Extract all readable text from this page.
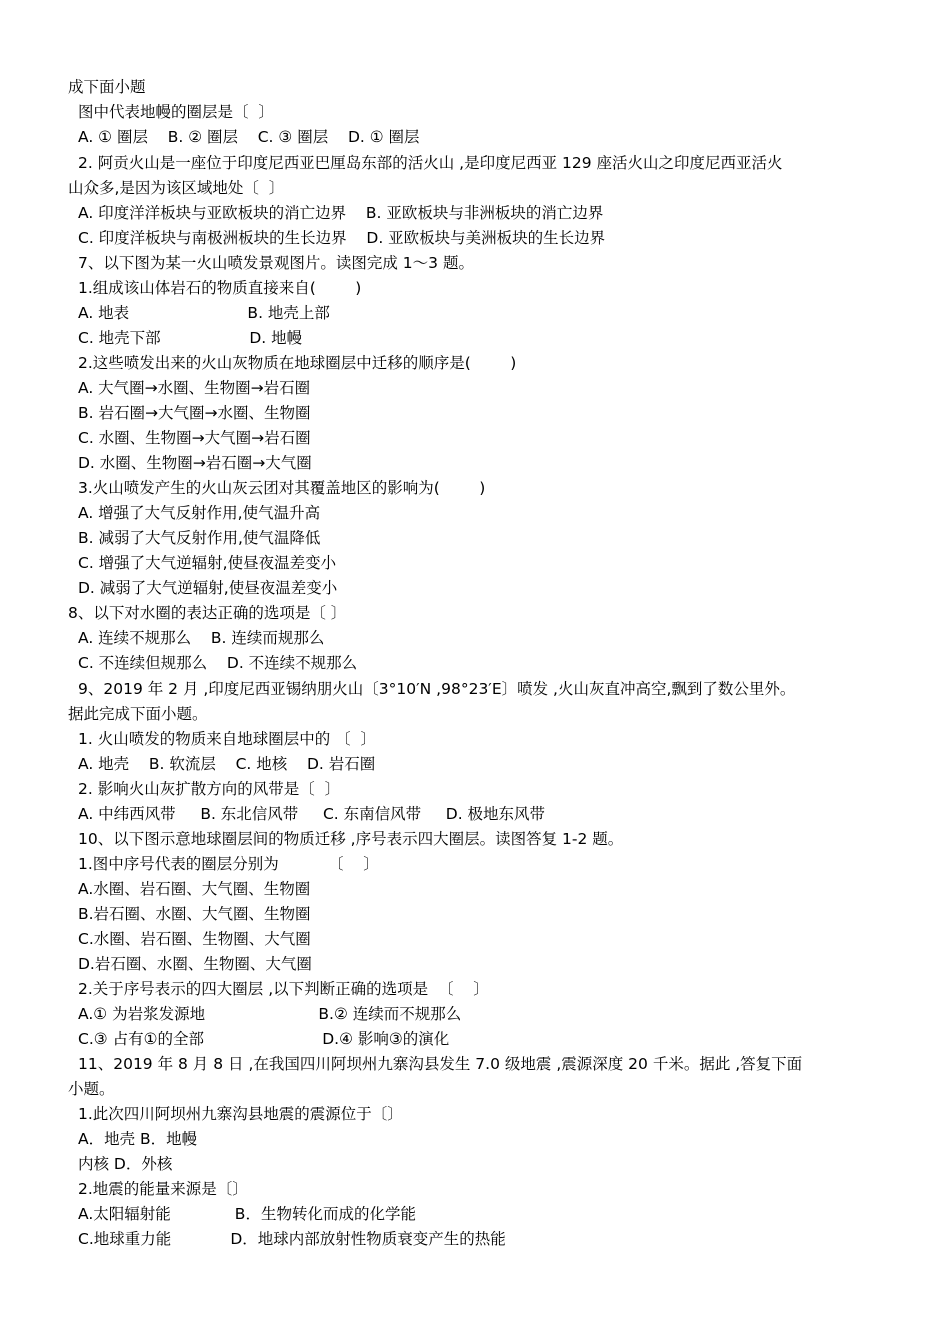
成下面小题
图中代表地幔的圈层是〔  〕
A. ① 圈层    B. ② 圈层    C. ③ 圈层    D. ① 圈层
2. 阿贡火山是一座位于印度尼西亚巴厘岛东部的活火山 ,是印度尼西亚 129 座活火山之印度尼西亚活火
山众多,是因为该区域地处〔  〕
A. 印度洋洋板块与亚欧板块的消亡边界    B. 亚欧板块与非洲板块的消亡边界
C. 印度洋板块与南极洲板块的生长边界    D. 亚欧板块与美洲板块的生长边界
7、以下图为某一火山喷发景观图片。读图完成 1～3 题。
1.组成该山体岩石的物质直接来自(        )
A. 地表                        B. 地壳上部
C. 地壳下部                  D. 地幔
2.这些喷发出来的火山灰物质在地球圈层中迁移的顺序是(        )
A. 大气圈→水圈、生物圈→岩石圈
B. 岩石圈→大气圈→水圈、生物圈
C. 水圈、生物圈→大气圈→岩石圈
D. 水圈、生物圈→岩石圈→大气圈
3.火山喷发产生的火山灰云团对其覆盖地区的影响为(        )
A. 增强了大气反射作用,使气温升高
B. 减弱了大气反射作用,使气温降低
C. 增强了大气逆辐射,使昼夜温差变小
D. 减弱了大气逆辐射,使昼夜温差变小
8、以下对水圈的表达正确的选项是〔 〕
A. 连续不规那么    B. 连续而规那么
C. 不连续但规那么    D. 不连续不规那么
9、2019 年 2 月 ,印度尼西亚锡纳朋火山〔3°10′N ,98°23′E〕喷发 ,火山灰直冲高空,飘到了数公里外。
据此完成下面小题。
1. 火山喷发的物质来自地球圈层中的 〔  〕
A. 地壳    B. 软流层    C. 地核    D. 岩石圈
2. 影响火山灰扩散方向的风带是〔  〕
A. 中纬西风带     B. 东北信风带     C. 东南信风带     D. 极地东风带
10、以下图示意地球圈层间的物质迁移 ,序号表示四大圈层。读图答复 1-2 题。
1.图中序号代表的圈层分别为          〔    〕
A.水圈、岩石圈、大气圈、生物圈
B.岩石圈、水圈、大气圈、生物圈
C.水圈、岩石圈、生物圈、大气圈
D.岩石圈、水圈、生物圈、大气圈
2.关于序号表示的四大圈层 ,以下判断正确的选项是  〔    〕
A.① 为岩浆发源地                       B.② 连续而不规那么
C.③ 占有①的全部                        D.④ 影响③的演化
11、2019 年 8 月 8 日 ,在我国四川阿坝州九寨沟县发生 7.0 级地震 ,震源深度 20 千米。据此 ,答复下面
小题。
1.此次四川阿坝州九寨沟县地震的震源位于〔〕
A．地壳 B．地幔
内核 D．外核
2.地震的能量来源是〔〕
A.太阳辐射能             B．生物转化而成的化学能
C.地球重力能            D．地球内部放射性物质衰变产生的热能
